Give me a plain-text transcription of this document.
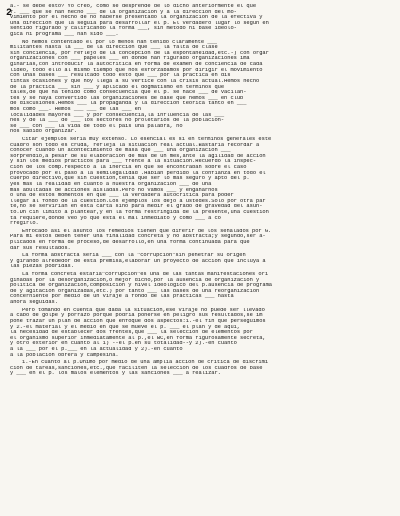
2
a.- se debe esto? Yo creo, como se desprende de lo dicho anteriormente el que
f. ___ que se han hecho ___ de la organización y a la dirección del mo-
vimiento por el hecho de no haberse presentado la organización de la efectiva y
una dirección que la seguía para desarrollar el p. El verdadero lugar lo según en
sentido figurado y calificando la forma ___, sin método ni base ideoló-
gica ni programa ___ han sido ___.
No hemos contentado el por lo menos han tenido claramente ___
militantes hasta la ___ de la dirección que ___ la falta de clase
sin conciencia, por reflejo de la concepción de la espontaneidad,etc.-) con orgar
organizaciones con ___ papeles ___ en donde han figurado organizaciones ima
ginarias,con introducir la autocrítica en forma de examen de conciencia de cada
lideo, todo ello al mismo tiempo que nos esforzábamos por dirigir el movimiento
con unas bases ___ resultado todo esto que ___ por la práctica en dis
tintas ocasiones y que hoy llega a su vértice con la crisis actual.Hemos hecho
de la práctica ___ sin ___ y aplicado el dogmatismo en términos que
tales,de que ha tenido como consecuencia que el p. se hace ___ de vacilan-
tes y se haya convertido las organizaciones de base que hemos ___ en club
de discusiones.Hemos ___ la propaganda y la dirección teórica tanto en ___
mos como ___. Hemos ___ ___ de las ___ en
localidades mayores ___ y por consecuencia,la influencia de las ___
nes y de la ___ de ___ los sectores no proletarios de la población-
se ___ con ___ la vida de todo el país una palabra, no
nos sabido organizar.
Citar ejemplos seria muy extenso. Lo esencial es si en términos generales este
cuadro son todo es cruda, refleja la situación real actual.Bastaría recordar a
conocer cuando un acontecimiento de masa que ___ una organización ___
sorprendió,a pesar de su elaboración de más de un mes,ante la agilidad de acción
y sin los medios prácticos para ___ frente a la situación.Recuerdo la inspec-
ción de los comp.respecto a la inercia en que se encontraban sobre el caso
provocado por el paso a la semilegalidad .Habían perdido la confianza en todo el
cuerpo directivo,que sin cuestión,tenía que ser lo más seguro y apto del p.
yes mas la realidad en cuanto a nuestra organización ___ de una
mas abultadas de acciones aisladas.Pero no vamos ___ y enganarnos
o una de estos momentos en que ___ la verdadera autocrítica para poder
llegar al fondo de la cuestión.Los ejemplos los dejo a ustedes.Sólo por otra par
te,no se servirían en esta carta sino para medir el grado de gravedad del asun-
to.Un cin limito a plantear,y en la forma restringida de la presente,una cuestión
ta requiere,donde veo yo que está el mal inmediato y como ___ a co
rregirlo.
Enfocado asi el asunto los remedios tienen que diferir de los señalados por G.
Para mi éstos deben tener una finalidad concreta y no abstracta;y segundo,ser a-
plicados en forma de proceso,de desarrollo,en una forma continuada para que
dar sus resultados.
La forma abstracta sería ___ con la "corrupción"sin penetrar su origen
y girando alrededor de esta premisa,elaborar un proyecto de acción que incluya a
las piezas podridas.
La forma concreta estaría"corrupción"es una de las tantas manifestaciones ori
ginadas por la desorganización,o mejor dicho,por la ausencia de organización y
política de organización,composición y nivel ideológico del p.ausencia de programa
de y agitación organizadas,etc.) por tanto ___ las bases de una reorganización
concerniente por medio de un viraje a fondo de las prácticas ___ hasta
ahora seguidas.
Pero tomando en cuenta que dada la situación,ese viraje no puede ser llevado
a cabo de golpe y porrazo porque podría ponerse en peligro sus resultados,se im
pone trazar un plan de acción que enfoque dos aspectos:1.-el fin que perseguimos
y 2.-el material y el medio en que se mueve el p. ___ el plan y de aquí,
la necesidad de establecer dos frentes,que ___ la selección de elementos por
el organismo superior inmediatamente al p.,el BC,en forma rigurosamente secreta,
y otro exterior en cuanto al 1) --el p.en su totalidad--y 2).-en cuanto
a la ___ por el p.___ en la actualidad y 2).-en cuanto
a la población obrera y campesina.
1.-En cuanto al p.Unimo por medio de una amplia acción de crítica de discrimi
ción de tareas,sanciones,etc.,que faciliten la selección de los cuadros de base
y ___ en el p. los malos elementos y las sanciones ___ a realizar.
